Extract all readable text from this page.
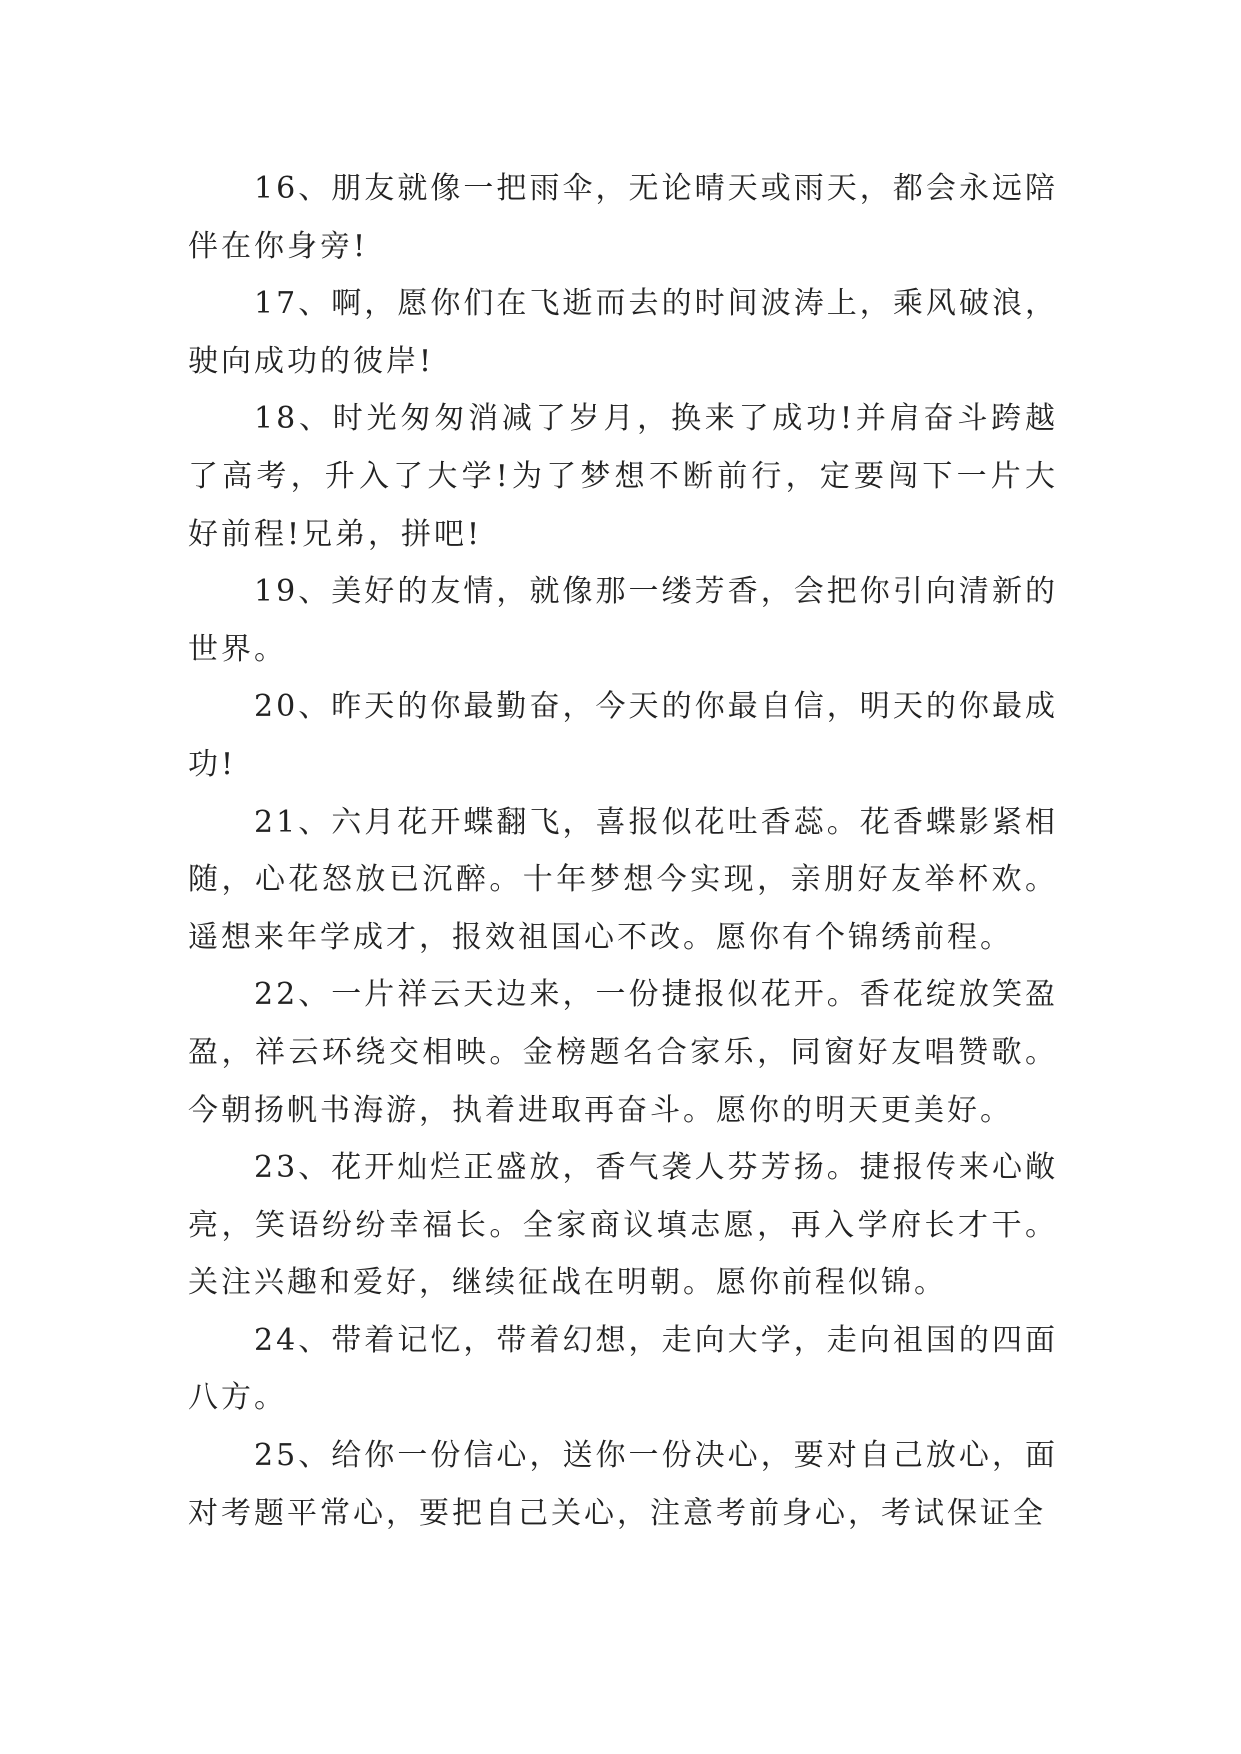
16、朋友就像一把雨伞，无论晴天或雨天，都会永远陪伴在你身旁!

17、啊，愿你们在飞逝而去的时间波涛上，乘风破浪，驶向成功的彼岸!

18、时光匆匆消减了岁月，换来了成功!并肩奋斗跨越了高考，升入了大学!为了梦想不断前行，定要闯下一片大好前程!兄弟，拼吧!

19、美好的友情，就像那一缕芳香，会把你引向清新的世界。

20、昨天的你最勤奋，今天的你最自信，明天的你最成功!

21、六月花开蝶翻飞，喜报似花吐香蕊。花香蝶影紧相随，心花怒放已沉醉。十年梦想今实现，亲朋好友举杯欢。遥想来年学成才，报效祖国心不改。愿你有个锦绣前程。

22、一片祥云天边来，一份捷报似花开。香花绽放笑盈盈，祥云环绕交相映。金榜题名合家乐，同窗好友唱赞歌。今朝扬帆书海游，执着进取再奋斗。愿你的明天更美好。

23、花开灿烂正盛放，香气袭人芬芳扬。捷报传来心敞亮，笑语纷纷幸福长。全家商议填志愿，再入学府长才干。关注兴趣和爱好，继续征战在明朝。愿你前程似锦。

24、带着记忆，带着幻想，走向大学，走向祖国的四面八方。

25、给你一份信心，送你一份决心，要对自己放心，面对考题平常心，要把自己关心，注意考前身心，考试保证全
